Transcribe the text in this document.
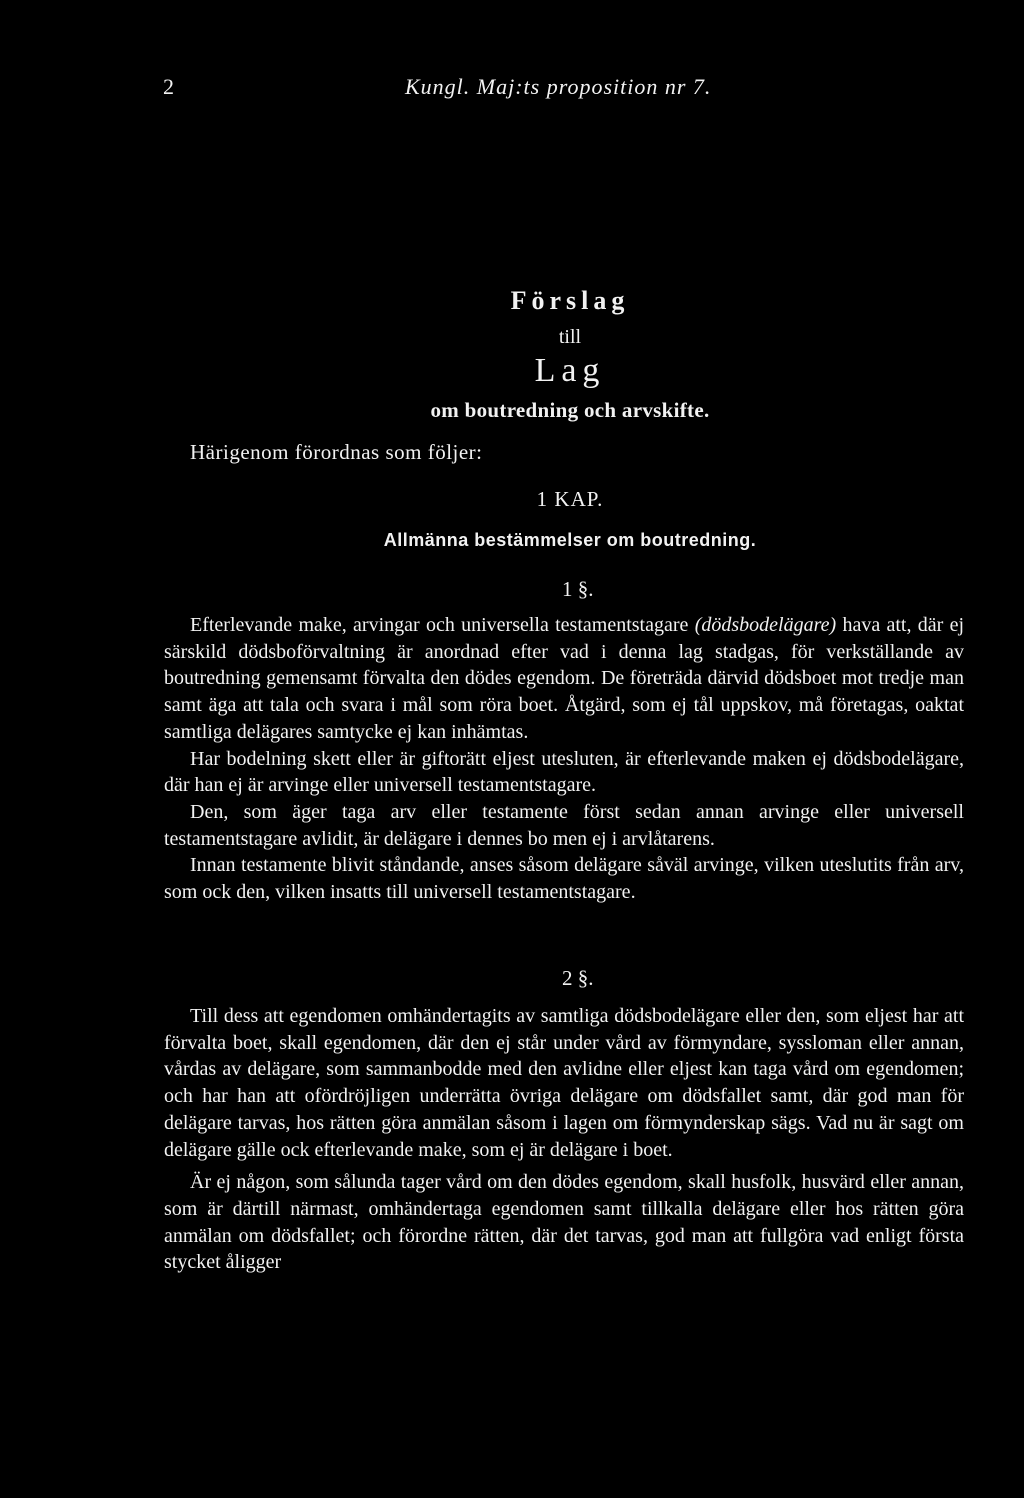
2	Kungl. Maj:ts proposition nr 7.
Förslag
till
Lag
om boutredning och arvskifte.
Härigenom förordnas som följer:
1 KAP.
Allmänna bestämmelser om boutredning.
1 §.

Efterlevande make, arvingar och universella testamentstagare (dödsbodelägare) hava att, där ej särskild dödsboförvaltning är anordnad efter vad i denna lag stadgas, för verkställande av boutredning gemensamt förvalta den dödes egendom. De företräda därvid dödsboet mot tredje man samt äga att tala och svara i mål som röra boet. Åtgärd, som ej tål uppskov, må företagas, oaktat samtliga delägares samtycke ej kan inhämtas.

Har bodelning skett eller är giftorätt eljest utesluten, är efterlevande maken ej dödsbodelägare, där han ej är arvinge eller universell testamentstagare.

Den, som äger taga arv eller testamente först sedan annan arvinge eller universell testamentstagare avlidit, är delägare i dennes bo men ej i arvlåtarens.

Innan testamente blivit ståndande, anses såsom delägare såväl arvinge, vilken uteslutits från arv, som ock den, vilken insatts till universell testamentstagare.

2 §.

Till dess att egendomen omhändertagits av samtliga dödsbodelägare eller den, som eljest har att förvalta boet, skall egendomen, där den ej står under vård av förmyndare, syssloman eller annan, vårdas av delägare, som sammanbodde med den avlidne eller eljest kan taga vård om egendomen; och har han att ofördröjligen underrätta övriga delägare om dödsfallet samt, där god man för delägare tarvas, hos rätten göra anmälan såsom i lagen om förmynderskap sägs. Vad nu är sagt om delägare gälle ock efterlevande make, som ej är delägare i boet.

Är ej någon, som sålunda tager vård om den dödes egendom, skall husfolk, husvärd eller annan, som är därtill närmast, omhändertaga egendomen samt tillkalla delägare eller hos rätten göra anmälan om dödsfallet; och förordne rätten, där det tarvas, god man att fullgöra vad enligt första stycket åligger
